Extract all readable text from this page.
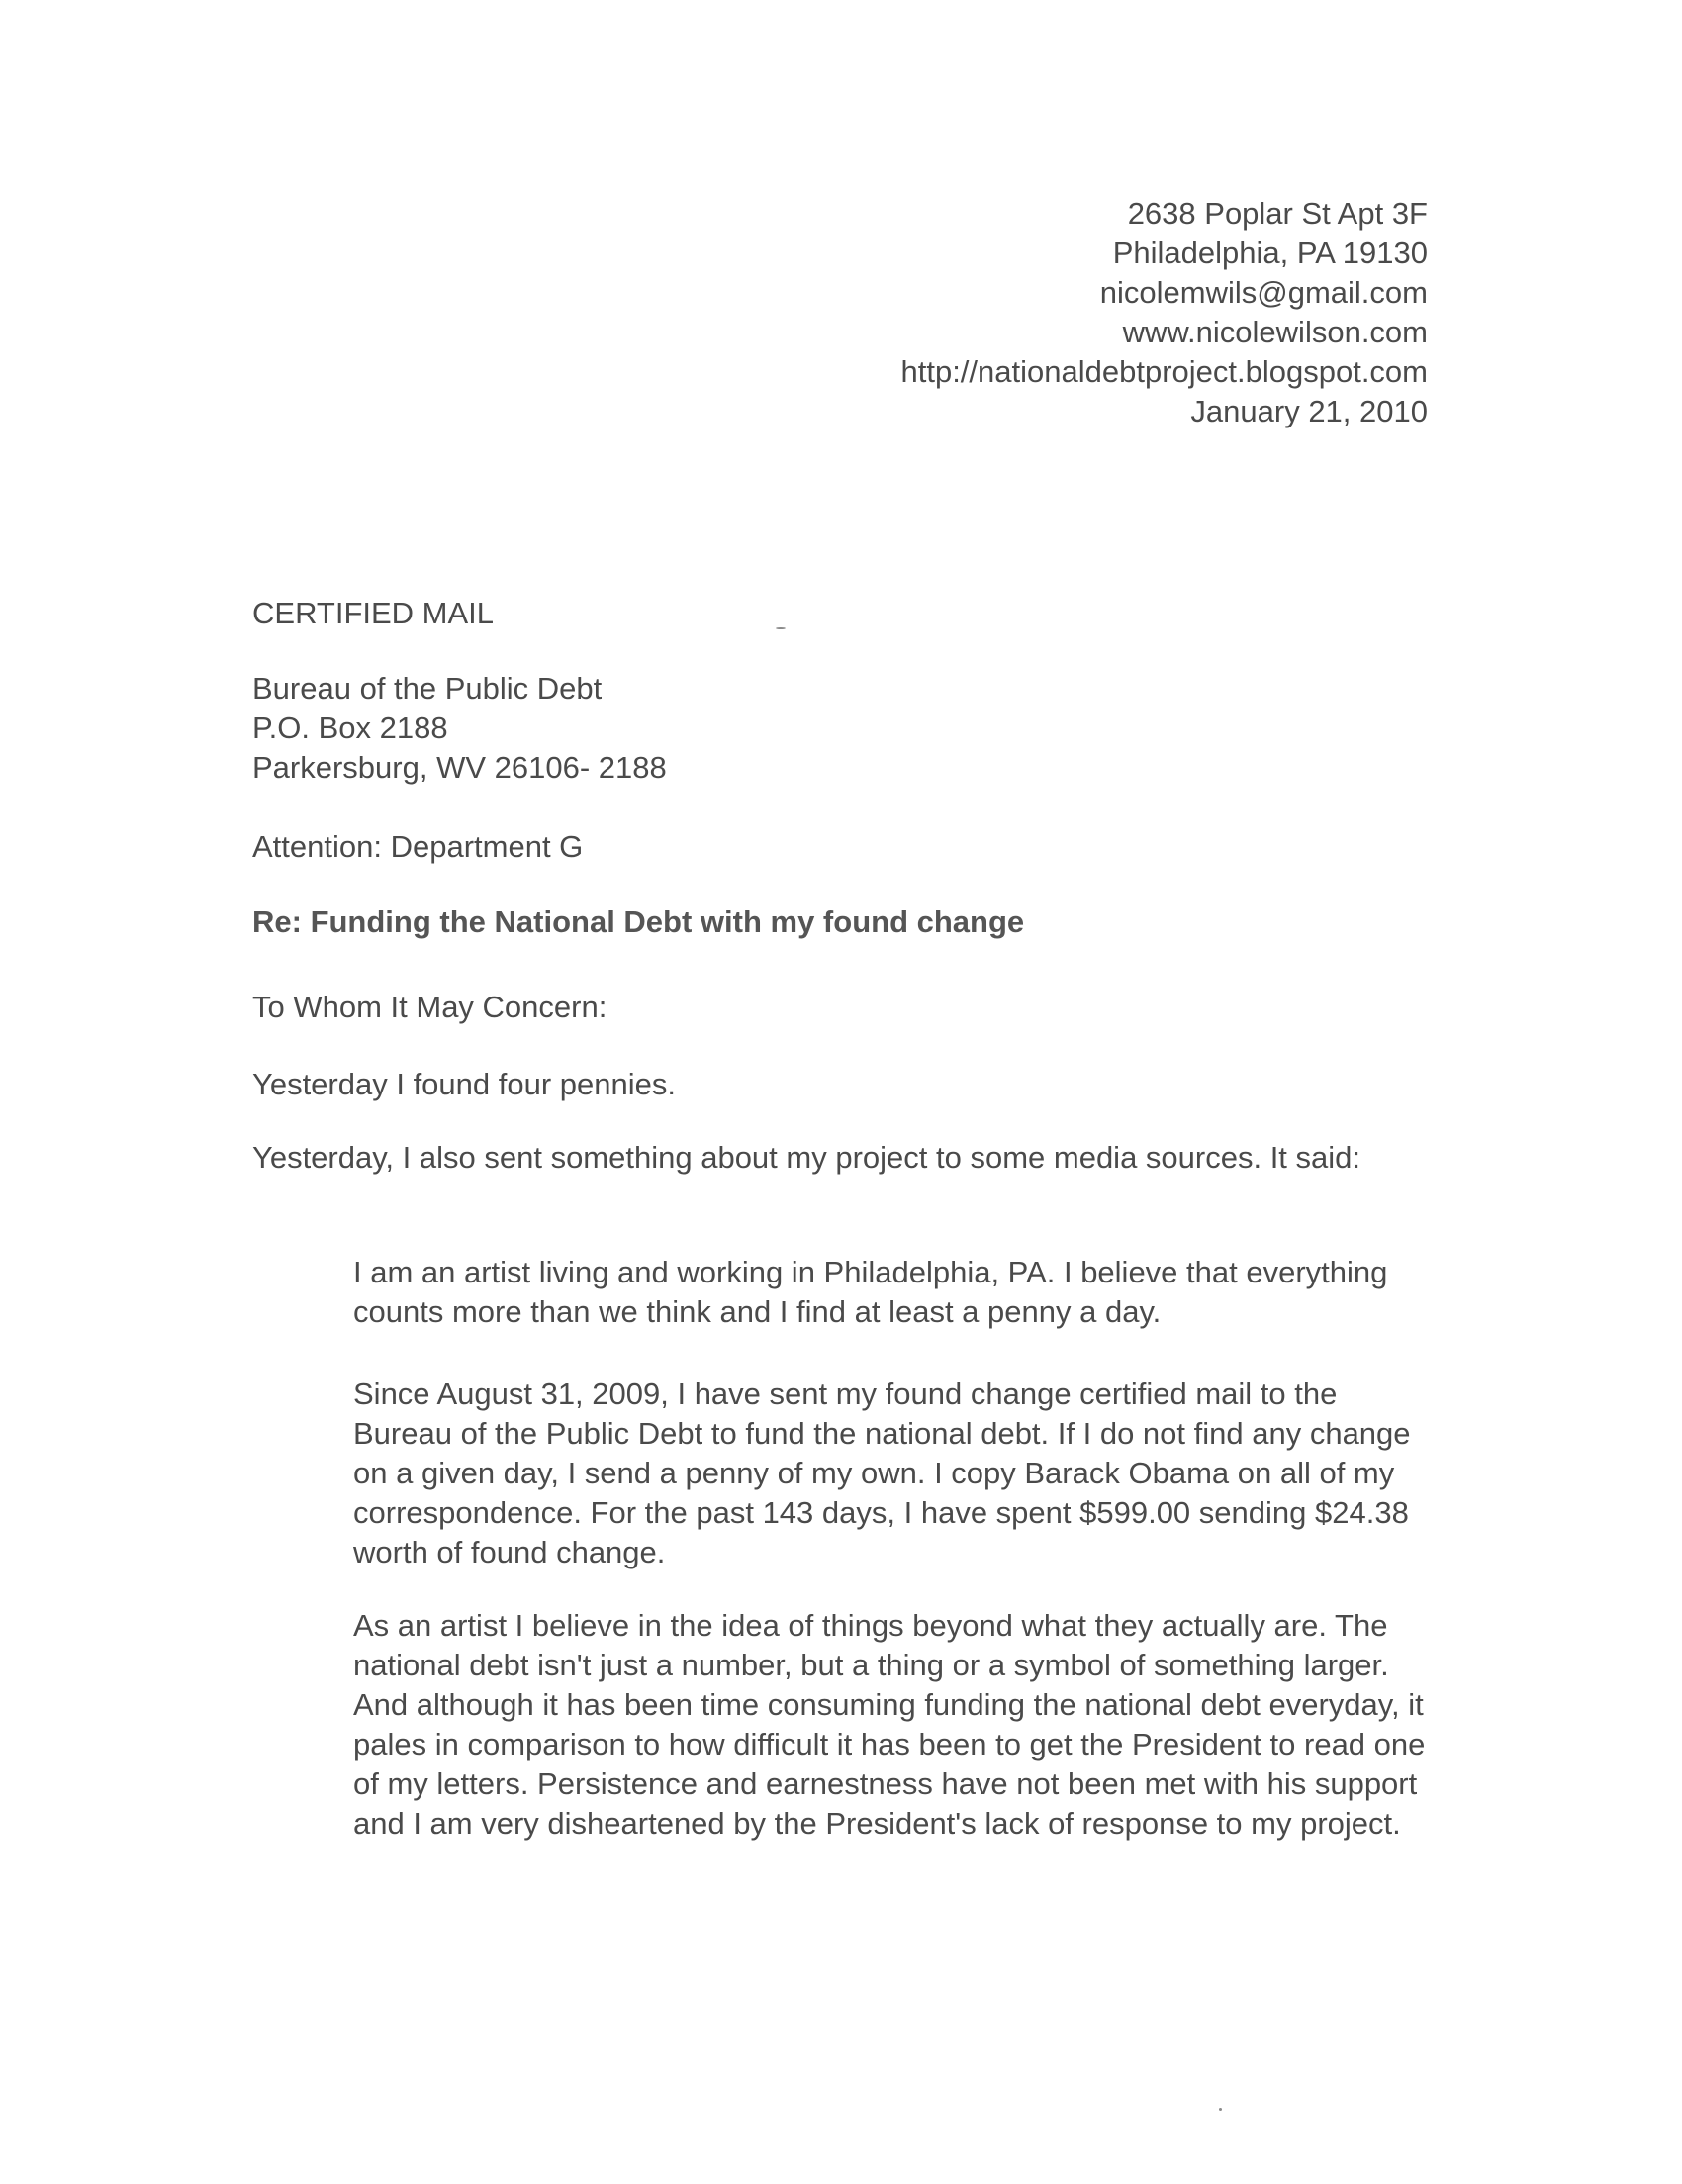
2638 Poplar St Apt 3F
Philadelphia, PA 19130
nicolemwils@gmail.com
www.nicolewilson.com
http://nationaldebtproject.blogspot.com
January 21, 2010
CERTIFIED MAIL
Bureau of the Public Debt
P.O. Box 2188
Parkersburg, WV 26106- 2188
Attention: Department G
Re: Funding the National Debt with my found change
To Whom It May Concern:
Yesterday I found four pennies.
Yesterday, I also sent something about my project to some media sources. It said:

I am an artist living and working in Philadelphia, PA. I believe that everything counts more than we think and I find at least a penny a day.

Since August 31, 2009, I have sent my found change certified mail to the Bureau of the Public Debt to fund the national debt. If I do not find any change on a given day, I send a penny of my own. I copy Barack Obama on all of my correspondence. For the past 143 days, I have spent $599.00 sending $24.38 worth of found change.

As an artist I believe in the idea of things beyond what they actually are. The national debt isn't just a number, but a thing or a symbol of something larger. And although it has been time consuming funding the national debt everyday, it pales in comparison to how difficult it has been to get the President to read one of my letters. Persistence and earnestness have not been met with his support and I am very disheartened by the President's lack of response to my project.
